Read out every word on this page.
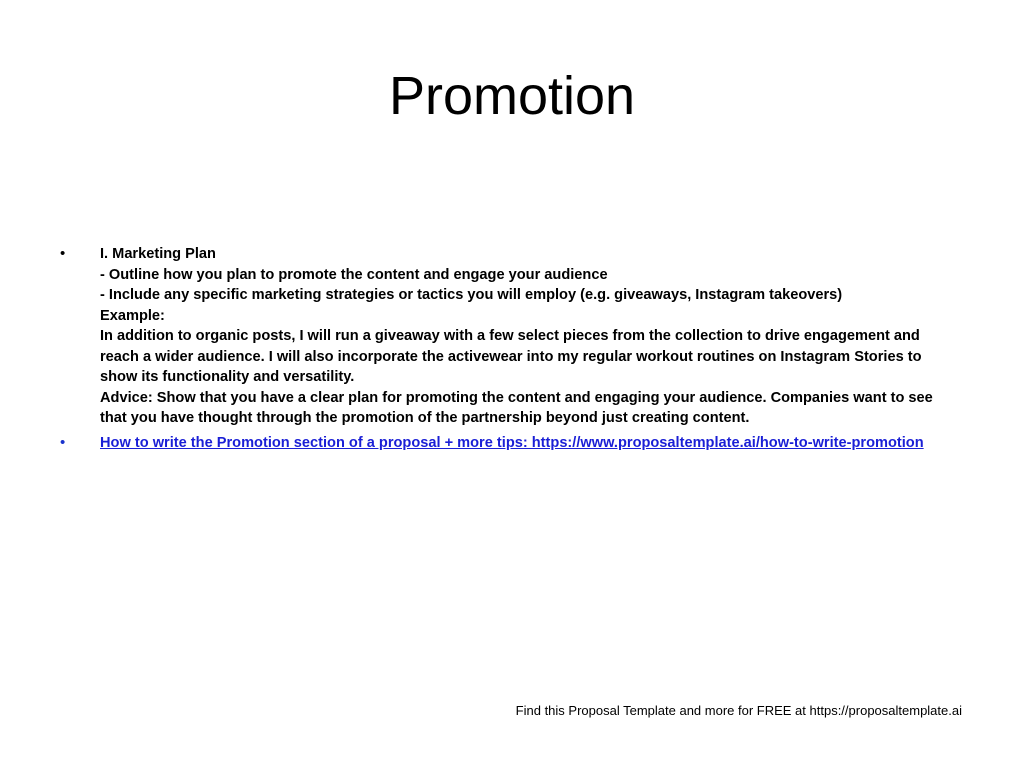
Promotion
• I. Marketing Plan
- Outline how you plan to promote the content and engage your audience
- Include any specific marketing strategies or tactics you will employ (e.g. giveaways, Instagram takeovers)
Example:
In addition to organic posts, I will run a giveaway with a few select pieces from the collection to drive engagement and reach a wider audience. I will also incorporate the activewear into my regular workout routines on Instagram Stories to show its functionality and versatility.
Advice: Show that you have a clear plan for promoting the content and engaging your audience. Companies want to see that you have thought through the promotion of the partnership beyond just creating content.
• How to write the Promotion section of a proposal + more tips: https://www.proposaltemplate.ai/how-to-write-promotion
Find this Proposal Template and more for FREE at https://proposaltemplate.ai
